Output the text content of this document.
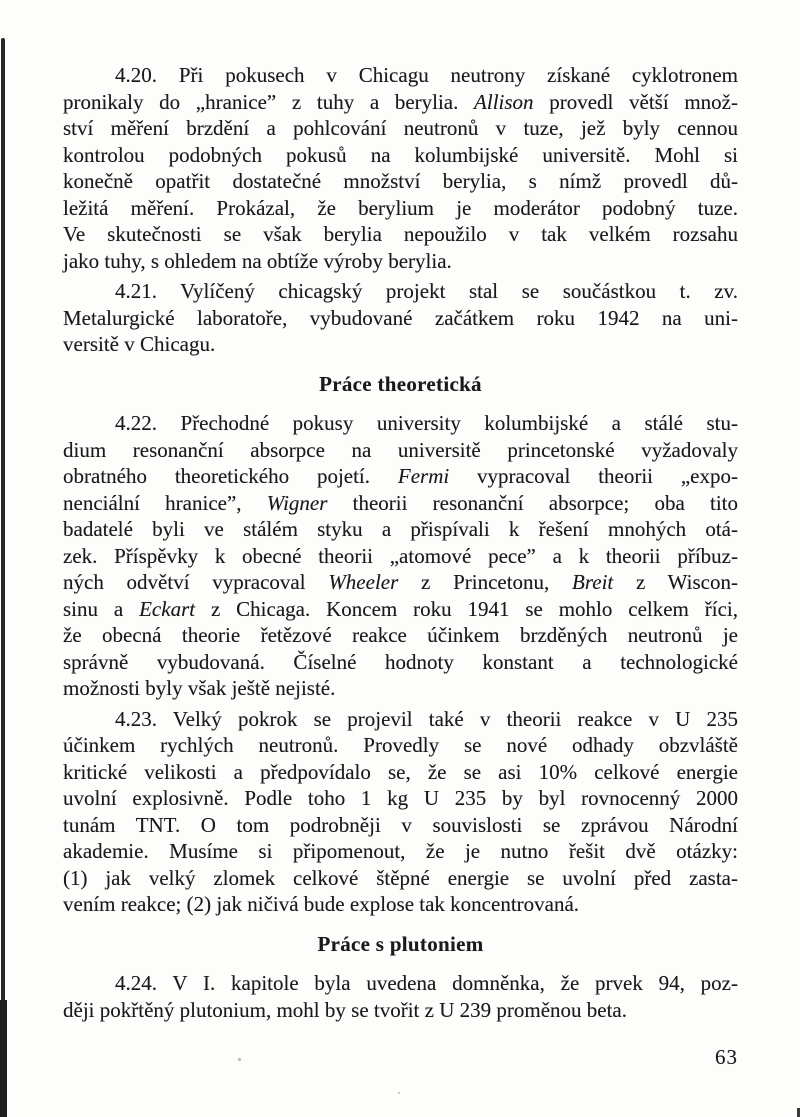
4.20. Při pokusech v Chicagu neutrony získané cyklotronem
pronikaly do „hranice” z tuhy a berylia. Allison provedl větší množ-
ství měření brzdění a pohlcování neutronů v tuze, jež byly cennou
kontrolou podobných pokusů na kolumbijské universitě. Mohl si
konečně opatřit dostatečné množství berylia, s nímž provedl dů-
ležitá měření. Prokázal, že berylium je moderátor podobný tuze.
Ve skutečnosti se však berylia nepoužilo v tak velkém rozsahu
jako tuhy, s ohledem na obtíže výroby berylia.
4.21. Vylíčený chicagský projekt stal se součástkou t. zv.
Metalurgické laboratoře, vybudované začátkem roku 1942 na uni-
versitě v Chicagu.
Práce theoretická
4.22. Přechodné pokusy university kolumbijské a stálé stu-
dium resonanční absorpce na universitě princetonské vyžadovaly
obratného theoretického pojetí. Fermi vypracoval theorii „expo-
nenciální hranice”, Wigner theorii resonanční absorpce; oba tito
badatelé byli ve stálém styku a přispívali k řešení mnohých otá-
zek. Příspěvky k obecné theorii „atomové pece” a k theorii příbuz-
ných odvětví vypracoval Wheeler z Princetonu, Breit z Wiscon-
sinu a Eckart z Chicaga. Koncem roku 1941 se mohlo celkem říci,
že obecná theorie řetězové reakce účinkem brzděných neutronů je
správně vybudovaná. Číselné hodnoty konstant a technologické
možnosti byly však ještě nejisté.
4.23. Velký pokrok se projevil také v theorii reakce v U 235
účinkem rychlých neutronů. Provedly se nové odhady obzvláště
kritické velikosti a předpovídalo se, že se asi 10% celkové energie
uvolní explosivně. Podle toho 1 kg U 235 by byl rovnocenný 2000
tunám TNT. O tom podrobněji v souvislosti se zprávou Národní
akademie. Musíme si připomenout, že je nutno řešit dvě otázky:
(1) jak velký zlomek celkové štěpné energie se uvolní před zasta-
vením reakce; (2) jak ničivá bude explose tak koncentrovaná.
Práce s plutoniem
4.24. V I. kapitole byla uvedena domněnka, že prvek 94, poz-
ději pokřtěný plutonium, mohl by se tvořit z U 239 proměnou beta.
63
